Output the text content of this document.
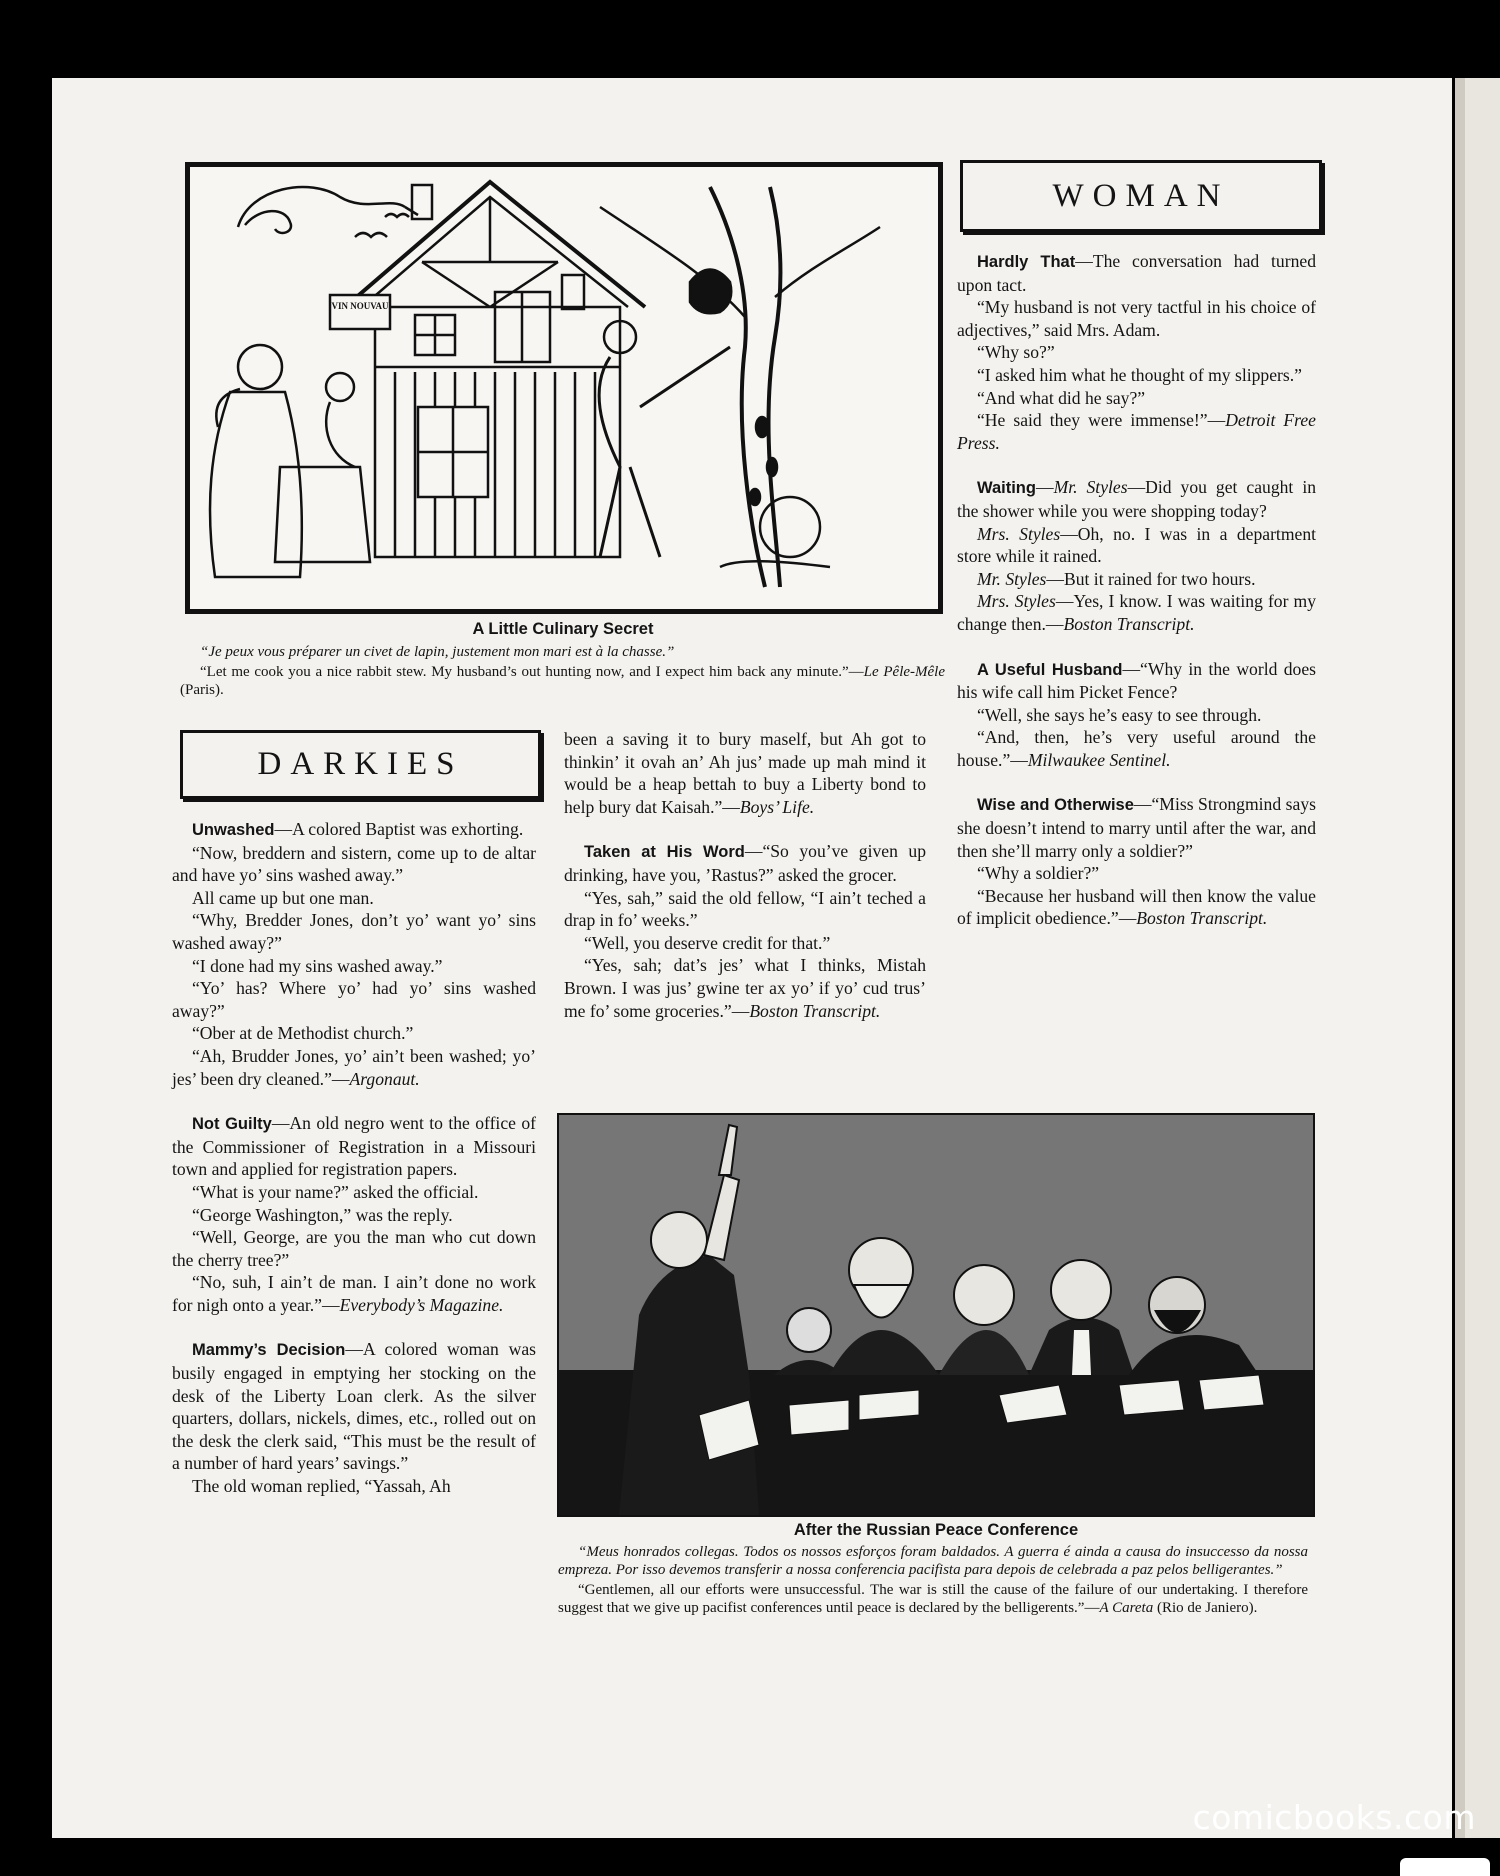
VIN NOUVAU
A Little Culinary Secret
“Je peux vous préparer un civet de lapin, justement mon mari est à la chasse.”
“Let me cook you a nice rabbit stew. My husband’s out hunting now, and I expect him back any minute.”—Le Pêle-Mêle (Paris).
WOMAN

Hardly That—The conversation had turned upon tact.

“My husband is not very tactful in his choice of adjectives,” said Mrs. Adam.

“Why so?”

“I asked him what he thought of my slippers.”

“And what did he say?”

“He said they were immense!”—Detroit Free Press.

Waiting—Mr. Styles—Did you get caught in the shower while you were shopping today?

Mrs. Styles—Oh, no. I was in a department store while it rained.

Mr. Styles—But it rained for two hours.

Mrs. Styles—Yes, I know. I was waiting for my change then.—Boston Transcript.

A Useful Husband—“Why in the world does his wife call him Picket Fence?

“Well, she says he’s easy to see through.

“And, then, he’s very useful around the house.”—Milwaukee Sentinel.

Wise and Otherwise—“Miss Strongmind says she doesn’t intend to marry until after the war, and then she’ll marry only a soldier?”

“Why a soldier?”

“Because her husband will then know the value of implicit obedience.”—Boston Transcript.

DARKIES

Unwashed—A colored Baptist was exhorting.

“Now, breddern and sistern, come up to de altar and have yo’ sins washed away.”

All came up but one man.

“Why, Bredder Jones, don’t yo’ want yo’ sins washed away?”

“I done had my sins washed away.”

“Yo’ has? Where yo’ had yo’ sins washed away?”

“Ober at de Methodist church.”

“Ah, Brudder Jones, yo’ ain’t been washed; yo’ jes’ been dry cleaned.”—Argonaut.

Not Guilty—An old negro went to the office of the Commissioner of Registration in a Missouri town and applied for registration papers.

“What is your name?” asked the official.

“George Washington,” was the reply.

“Well, George, are you the man who cut down the cherry tree?”

“No, suh, I ain’t de man. I ain’t done no work for nigh onto a year.”—Everybody’s Magazine.

Mammy’s Decision—A colored woman was busily engaged in emptying her stocking on the desk of the Liberty Loan clerk. As the silver quarters, dollars, nickels, dimes, etc., rolled out on the desk the clerk said, “This must be the result of a number of hard years’ savings.”

The old woman replied, “Yassah, Ah

been a saving it to bury maself, but Ah got to thinkin’ it ovah an’ Ah jus’ made up mah mind it would be a heap bettah to buy a Liberty bond to help bury dat Kaisah.”—Boys’ Life.

Taken at His Word—“So you’ve given up drinking, have you, ’Rastus?” asked the grocer.

“Yes, sah,” said the old fellow, “I ain’t teched a drap in fo’ weeks.”

“Well, you deserve credit for that.”

“Yes, sah; dat’s jes’ what I thinks, Mistah Brown. I was jus’ gwine ter ax yo’ if yo’ cud trus’ me fo’ some groceries.”—Boston Transcript.

After the Russian Peace Conference
“Meus honrados collegas. Todos os nossos esforços foram baldados. A guerra é ainda a causa do insuccesso da nossa empreza. Por isso devemos transferir a nossa conferencia pacifista para depois de celebrada a paz pelos belligerantes.”
“Gentlemen, all our efforts were unsuccessful. The war is still the cause of the failure of our undertaking. I therefore suggest that we give up pacifist conferences until peace is declared by the belligerents.”—A Careta (Rio de Janiero).
comicbooks.com
